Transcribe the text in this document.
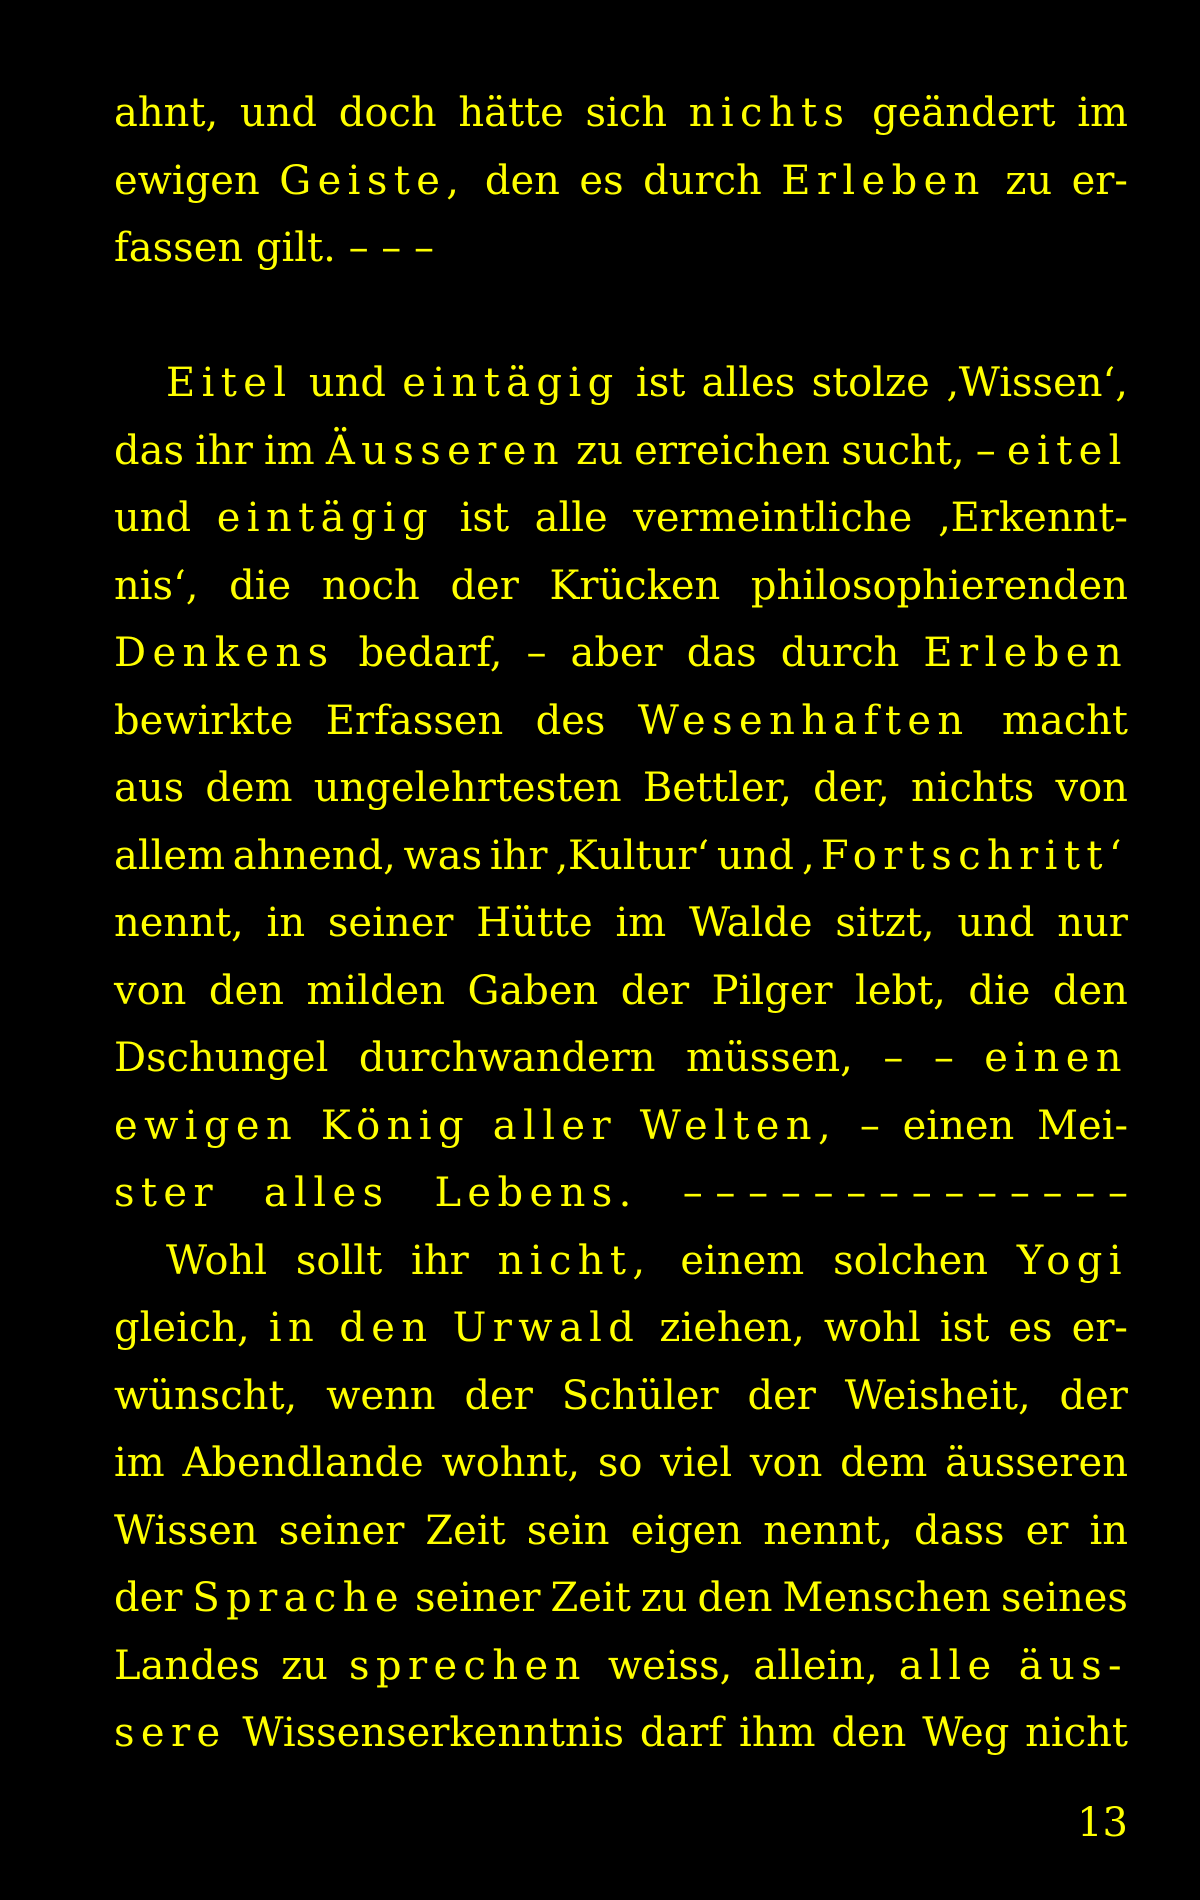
ahnt, und doch hätte sich nichts geändert im
ewigen Geiste, den es durch Erleben zu er-
fassen
gilt.
– – –
Eitel und eintägig ist alles stolze ‚Wissen‘,
das ihr im Äusseren zu erreichen sucht, – eitel
und eintägig ist alle vermeintliche ‚Erkennt-
nis‘, die noch der Krücken philosophierenden
Denkens bedarf, – aber das durch Erleben
bewirkte Erfassen des Wesenhaften macht
aus dem ungelehrtesten Bettler, der, nichts von
allem ahnend, was ihr ‚Kultur‘ und ‚Fortschritt‘
nennt, in seiner Hütte im Walde sitzt, und nur
von den milden Gaben der Pilger lebt, die den
Dschungel durchwandern müssen, – – einen
ewigen König aller Welten, – einen Mei-
ster alles Lebens. – – – – – – – – – – – – – –
Wohl sollt ihr nicht, einem solchen Yogi
gleich, in den Urwald ziehen, wohl ist es er-
wünscht, wenn der Schüler der Weisheit, der
im Abendlande wohnt, so viel von dem äusseren
Wissen seiner Zeit sein eigen nennt, dass er in
der Sprache seiner Zeit zu den Menschen seines
Landes zu sprechen weiss, allein, alle äus-
sere Wissenserkenntnis darf ihm den Weg nicht
13
